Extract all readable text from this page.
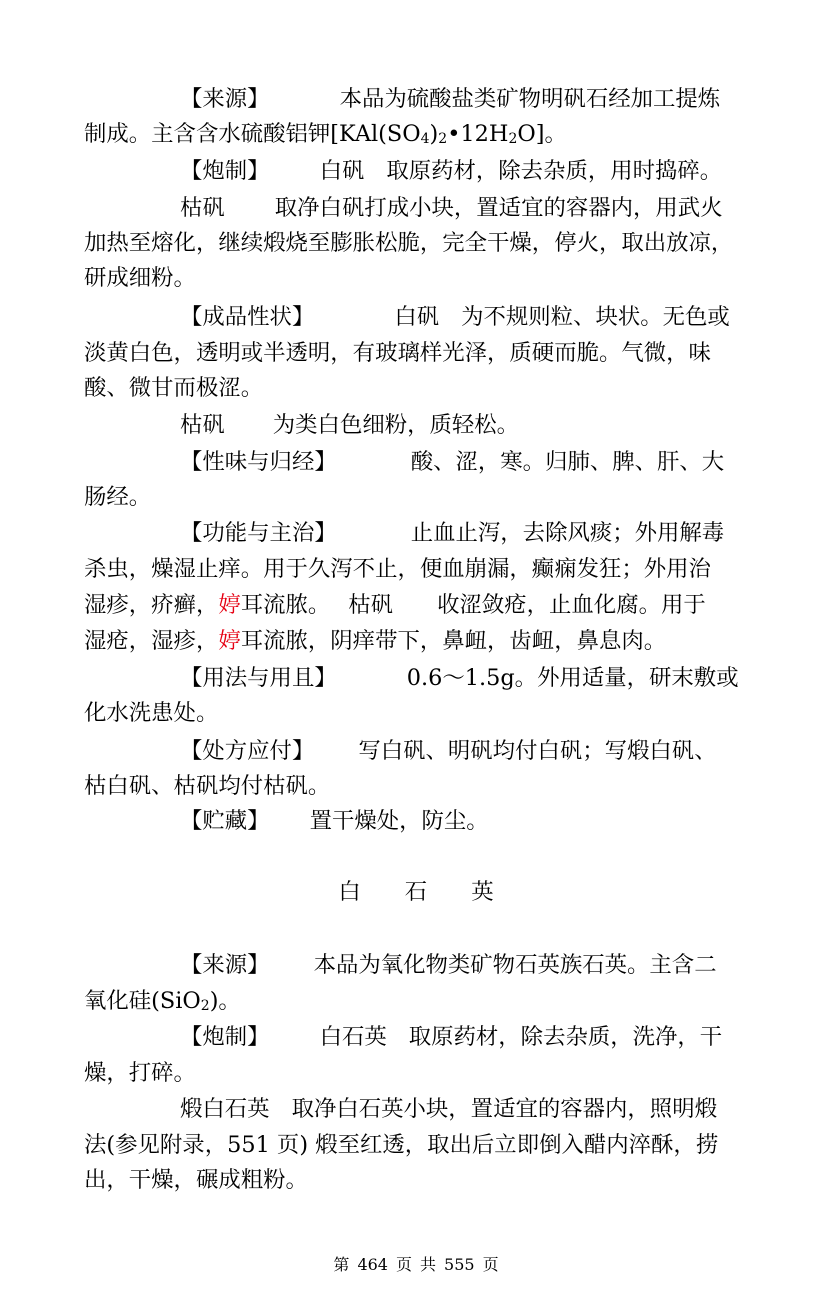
【来源】	本品为硫酸盐类矿物明矾石经加工提炼
制成。主含含水硫酸铝钾$[KAl(SO_4)_2•12H_2O]$。
【炮制】 白矾 取原药材，除去杂质，用时捣碎。
枯矾 取净白矾打成小块，置适宜的容器内，用武火
加热至熔化，继续煅烧至膨胀松脆，完全干燥，停火，取出放凉，
研成细粉。
【成品性状】	白矾 为不规则粒、块状。无色或
淡黄白色，透明或半透明，有玻璃样光泽，质硬而脆。气微，味
酸、微甘而极涩。
枯矾 为类白色细粉，质轻松。
【性味与归经】	酸、涩，寒。归肺、脾、肝、大
肠经。
【功能与主治】	止血止泻，去除风痰；外用解毒
杀虫，燥湿止痒。用于久泻不止，便血崩漏，癫痫发狂；外用治
湿疹，疥癣，婷耳流脓。 枯矾 收涩敛疮，止血化腐。用于
湿疮，湿疹，婷耳流脓，阴痒带下，鼻衄，齿衄，鼻息肉。
【用法与用且】	0.6～1.5g。外用适量，研末敷或
化水洗患处。
【处方应付】 写白矾、明矾均付白矾；写煅白矾、
枯白矾、枯矾均付枯矾。
【贮藏】 置干燥处，防尘。
白 石 英
【来源】 本品为氧化物类矿物石英族石英。主含二
氧化硅(SiO$_2$)。
【炮制】 白石英 取原药材，除去杂质，洗净，干
燥，打碎。
煅白石英 取净白石英小块，置适宜的容器内，照明煅
法(参见附录，551 页) 煅至红透，取出后立即倒入醋内淬酥，捞
出，干燥，碾成粗粉。
第 464 页 共 555 页
